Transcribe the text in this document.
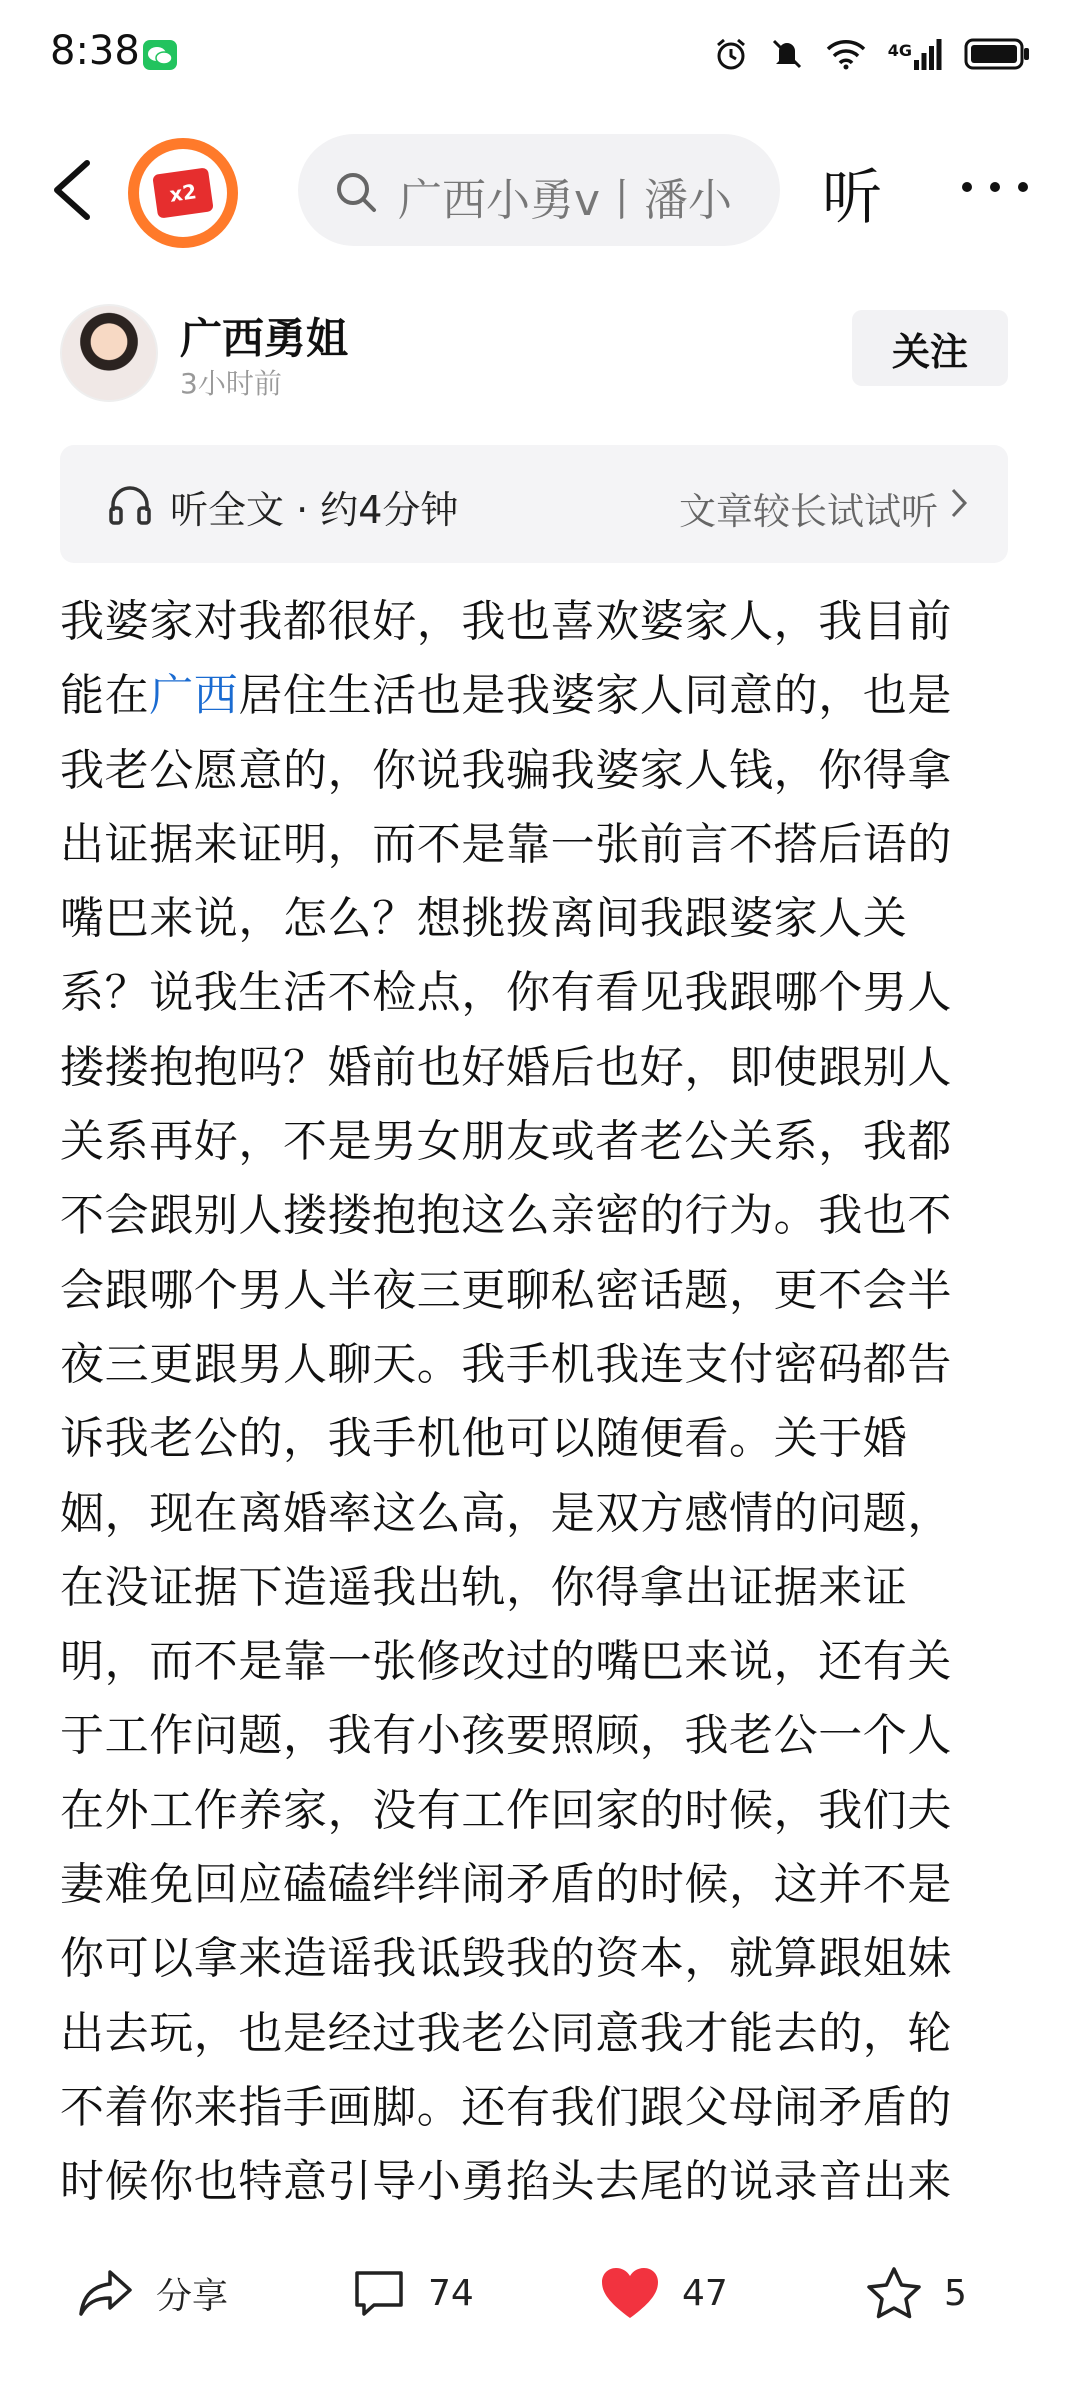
8:38	4G
x2	广西小勇v丨潘小 听
广西勇姐
3小时前
关注
听全文 · 约4分钟	文章较长试试听

我婆家对我都很好，我也喜欢婆家人，我目前

能在广西居住生活也是我婆家人同意的，也是

我老公愿意的，你说我骗我婆家人钱，你得拿

出证据来证明，而不是靠一张前言不搭后语的

嘴巴来说，怎么？想挑拨离间我跟婆家人关

系？说我生活不检点，你有看见我跟哪个男人

搂搂抱抱吗？婚前也好婚后也好，即使跟别人

关系再好，不是男女朋友或者老公关系，我都

不会跟别人搂搂抱抱这么亲密的行为。我也不

会跟哪个男人半夜三更聊私密话题，更不会半

夜三更跟男人聊天。我手机我连支付密码都告

诉我老公的，我手机他可以随便看。关于婚

姻，现在离婚率这么高，是双方感情的问题，

在没证据下造遥我出轨，你得拿出证据来证

明，而不是靠一张修改过的嘴巴来说，还有关

于工作问题，我有小孩要照顾，我老公一个人

在外工作养家，没有工作回家的时候，我们夫

妻难免回应磕磕绊绊闹矛盾的时候，这并不是

你可以拿来造谣我诋毁我的资本，就算跟姐妹

出去玩，也是经过我老公同意我才能去的，轮

不着你来指手画脚。还有我们跟父母闹矛盾的

时候你也特意引导小勇掐头去尾的说录音出来

分享	74	47	5
